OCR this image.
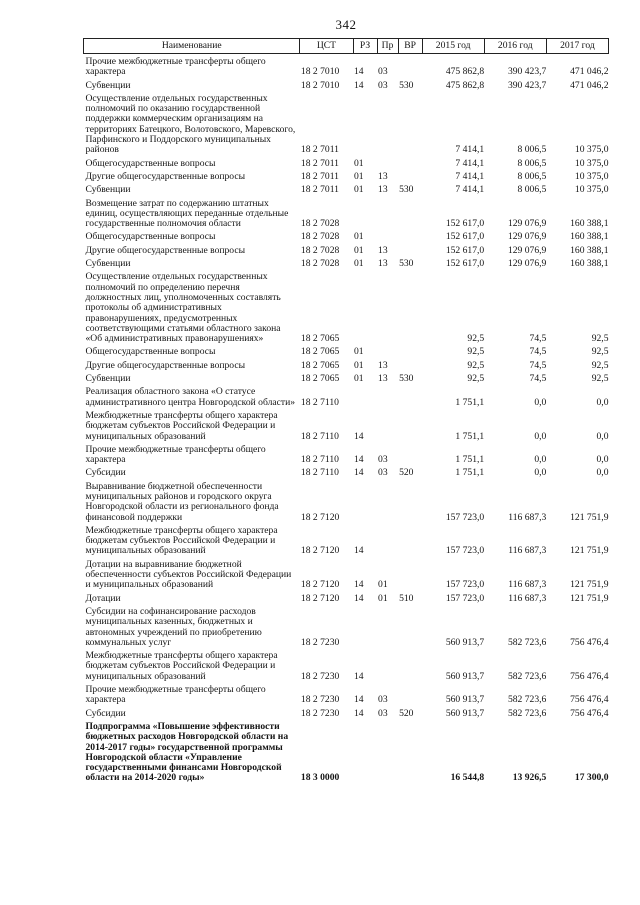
342
Наименование	ЦСТ	РЗ	Пр	ВР	2015 год	2016 год	2017 год
Прочие межбюджетные трансферты общего характера	18 2 7010	14	03		475 862,8	390 423,7	471 046,2
Субвенции	18 2 7010	14	03	530	475 862,8	390 423,7	471 046,2
Осуществление отдельных государственных полномочий по оказанию государственной поддержки коммерческим организациям на территориях Батецкого, Волотовского, Маревского, Парфинского и Поддорского муниципальных районов	18 2 7011				7 414,1	8 006,5	10 375,0
Общегосударственные вопросы	18 2 7011	01			7 414,1	8 006,5	10 375,0
Другие общегосударственные вопросы	18 2 7011	01	13		7 414,1	8 006,5	10 375,0
Субвенции	18 2 7011	01	13	530	7 414,1	8 006,5	10 375,0
Возмещение затрат по содержанию штатных единиц, осуществляющих переданные отдельные государственные полномочия области	18 2 7028				152 617,0	129 076,9	160 388,1
Общегосударственные вопросы	18 2 7028	01			152 617,0	129 076,9	160 388,1
Другие общегосударственные вопросы	18 2 7028	01	13		152 617,0	129 076,9	160 388,1
Субвенции	18 2 7028	01	13	530	152 617,0	129 076,9	160 388,1
Осуществление отдельных государственных полномочий по определению перечня должностных лиц, уполномоченных составлять протоколы об административных правонарушениях, предусмотренных соответствующими статьями областного закона «Об административных правонарушениях»	18 2 7065				92,5	74,5	92,5
Общегосударственные вопросы	18 2 7065	01			92,5	74,5	92,5
Другие общегосударственные вопросы	18 2 7065	01	13		92,5	74,5	92,5
Субвенции	18 2 7065	01	13	530	92,5	74,5	92,5
Реализация областного закона «О статусе административного центра Новгородской области»	18 2 7110				1 751,1	0,0	0,0
Межбюджетные трансферты общего характера бюджетам субъектов Российской Федерации и муниципальных образований	18 2 7110	14			1 751,1	0,0	0,0
Прочие межбюджетные трансферты общего характера	18 2 7110	14	03		1 751,1	0,0	0,0
Субсидии	18 2 7110	14	03	520	1 751,1	0,0	0,0
Выравнивание бюджетной обеспеченности муниципальных районов и городского округа Новгородской области из регионального фонда финансовой поддержки	18 2 7120				157 723,0	116 687,3	121 751,9
Межбюджетные трансферты общего характера бюджетам субъектов Российской Федерации и муниципальных образований	18 2 7120	14			157 723,0	116 687,3	121 751,9
Дотации на выравнивание бюджетной обеспеченности субъектов Российской Федерации и муниципальных образований	18 2 7120	14	01		157 723,0	116 687,3	121 751,9
Дотации	18 2 7120	14	01	510	157 723,0	116 687,3	121 751,9
Субсидии на софинансирование расходов муниципальных казенных, бюджетных и автономных учреждений по приобретению коммунальных услуг	18 2 7230				560 913,7	582 723,6	756 476,4
Межбюджетные трансферты общего характера бюджетам субъектов Российской Федерации и муниципальных образований	18 2 7230	14			560 913,7	582 723,6	756 476,4
Прочие межбюджетные трансферты общего характера	18 2 7230	14	03		560 913,7	582 723,6	756 476,4
Субсидии	18 2 7230	14	03	520	560 913,7	582 723,6	756 476,4
Подпрограмма «Повышение эффективности бюджетных расходов Новгородской области на 2014-2017 годы» государственной программы Новгородской области «Управление государственными финансами Новгородской области на 2014-2020 годы»	18 3 0000				16 544,8	13 926,5	17 300,0
